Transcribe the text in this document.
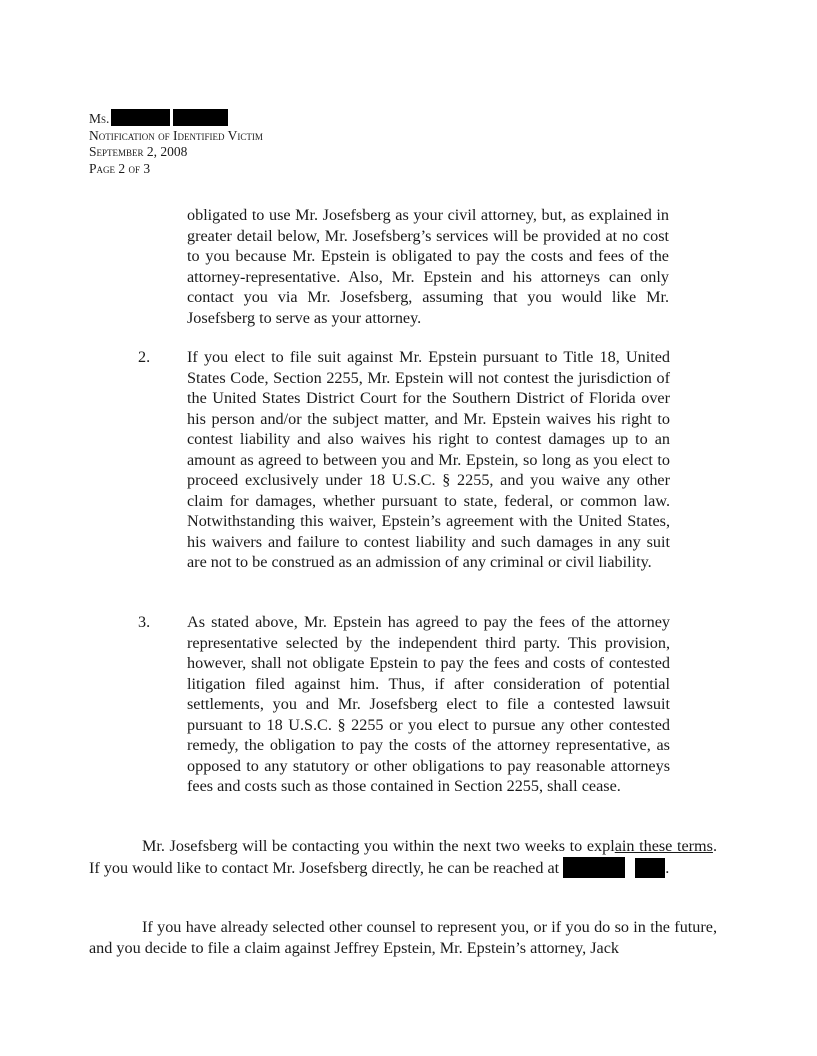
Ms.
Notification of Identified Victim
September 2, 2008
Page 2 of 3
obligated to use Mr. Josefsberg as your civil attorney, but, as explained in greater detail below, Mr. Josefsberg’s services will be provided at no cost to you because Mr. Epstein is obligated to pay the costs and fees of the attorney-representative. Also, Mr. Epstein and his attorneys can only contact you via Mr. Josefsberg, assuming that you would like Mr. Josefsberg to serve as your attorney.
2. If you elect to file suit against Mr. Epstein pursuant to Title 18, United States Code, Section 2255, Mr. Epstein will not contest the jurisdiction of the United States District Court for the Southern District of Florida over his person and/or the subject matter, and Mr. Epstein waives his right to contest liability and also waives his right to contest damages up to an amount as agreed to between you and Mr. Epstein, so long as you elect to proceed exclusively under 18 U.S.C. § 2255, and you waive any other claim for damages, whether pursuant to state, federal, or common law. Notwithstanding this waiver, Epstein’s agreement with the United States, his waivers and failure to contest liability and such damages in any suit are not to be construed as an admission of any criminal or civil liability.
3. As stated above, Mr. Epstein has agreed to pay the fees of the attorney representative selected by the independent third party. This provision, however, shall not obligate Epstein to pay the fees and costs of contested litigation filed against him. Thus, if after consideration of potential settlements, you and Mr. Josefsberg elect to file a contested lawsuit pursuant to 18 U.S.C. § 2255 or you elect to pursue any other contested remedy, the obligation to pay the costs of the attorney representative, as opposed to any statutory or other obligations to pay reasonable attorneys fees and costs such as those contained in Section 2255, shall cease.

Mr. Josefsberg will be contacting you within the next two weeks to explain these terms. If you would like to contact Mr. Josefsberg directly, he can be reached at	.

If you have already selected other counsel to represent you, or if you do so in the future, and you decide to file a claim against Jeffrey Epstein, Mr. Epstein’s attorney, Jack
